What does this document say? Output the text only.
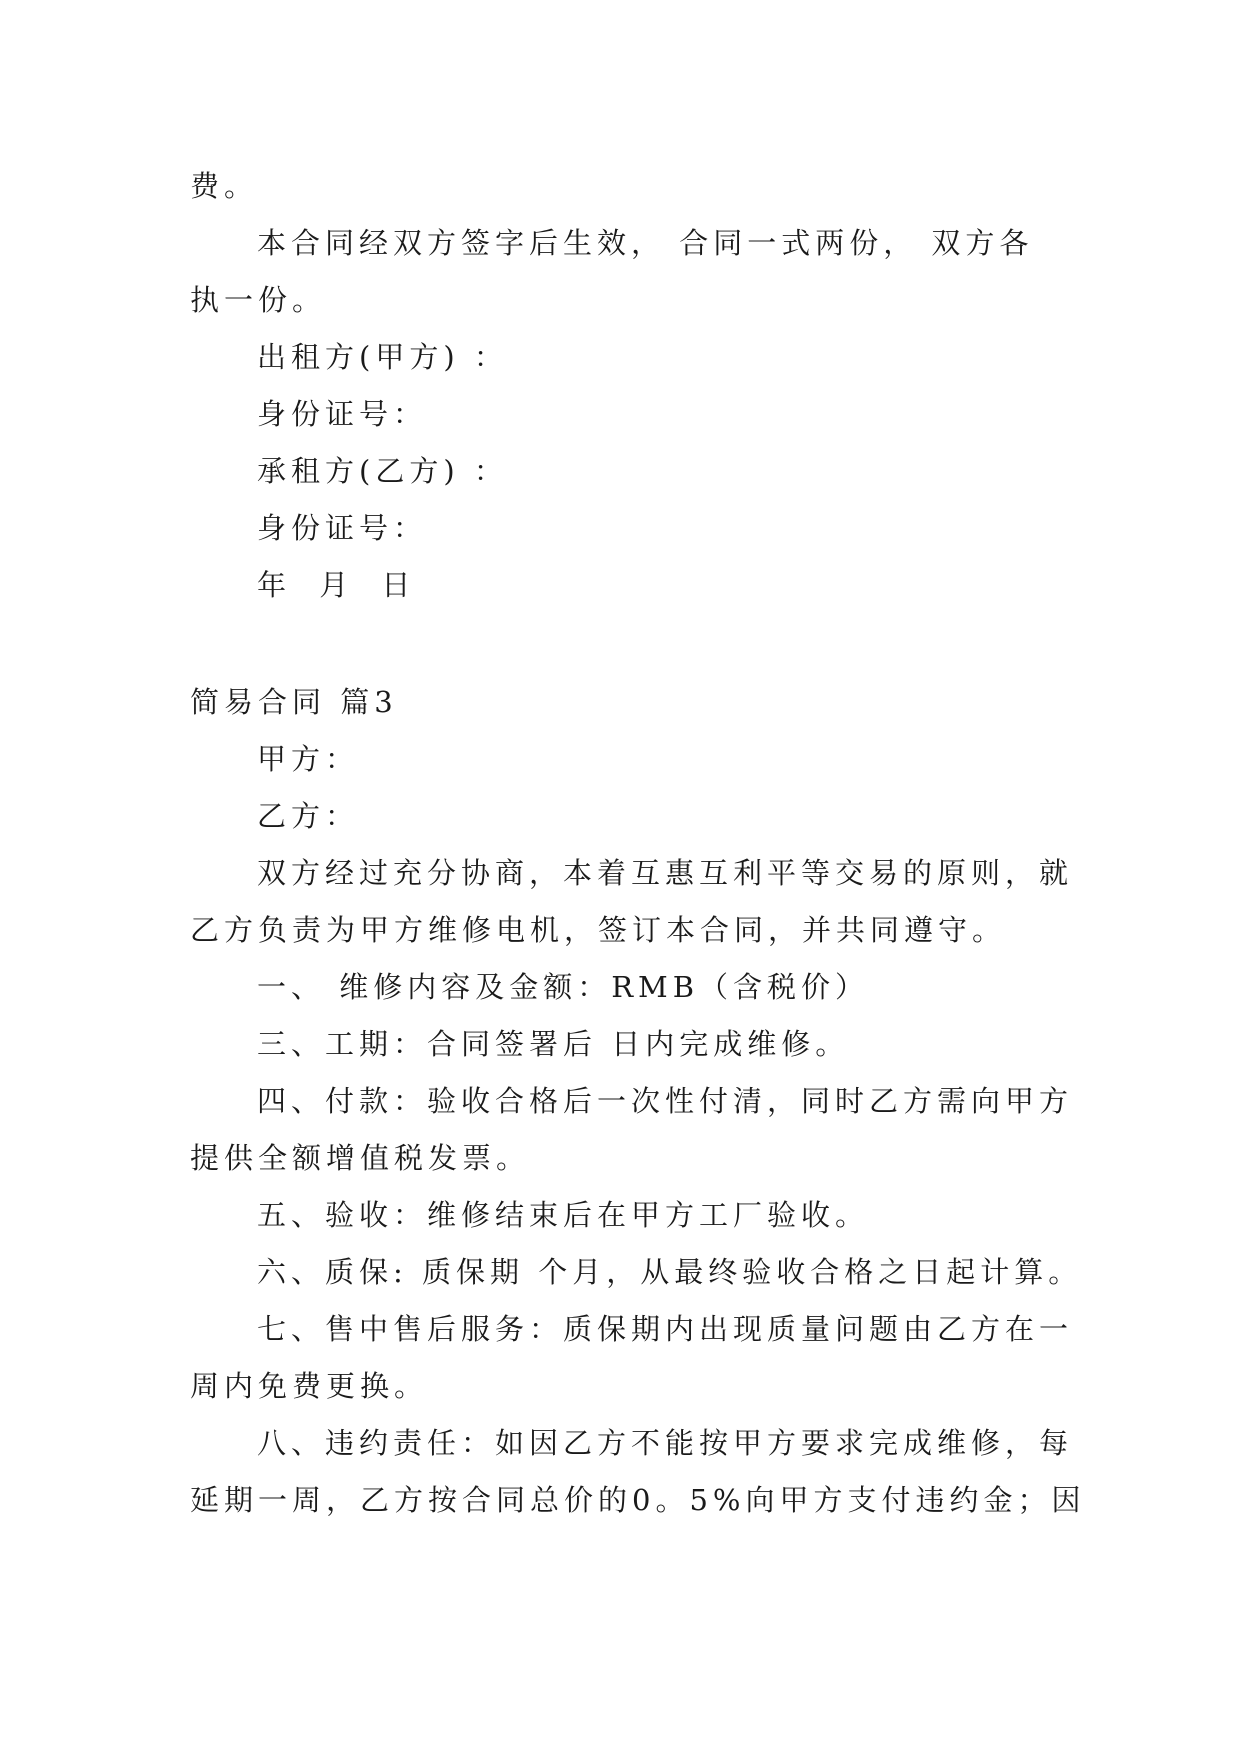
费。
本合同经双方签字后生效， 合同一式两份， 双方各
执一份。
出租方(甲方) ：
身份证号：
承租方(乙方) ：
身份证号：
年 月 日
简易合同 篇3
甲方：
乙方：
双方经过充分协商，本着互惠互利平等交易的原则，就
乙方负责为甲方维修电机，签订本合同，并共同遵守。
一、 维修内容及金额：RMB（含税价）
三、工期：合同签署后 日内完成维修。
四、付款：验收合格后一次性付清，同时乙方需向甲方
提供全额增值税发票。
五、验收：维修结束后在甲方工厂验收。
六、质保: 质保期 个月，从最终验收合格之日起计算。
七、售中售后服务：质保期内出现质量问题由乙方在一
周内免费更换。
八、违约责任：如因乙方不能按甲方要求完成维修，每
延期一周，乙方按合同总价的0。5%向甲方支付违约金；因
